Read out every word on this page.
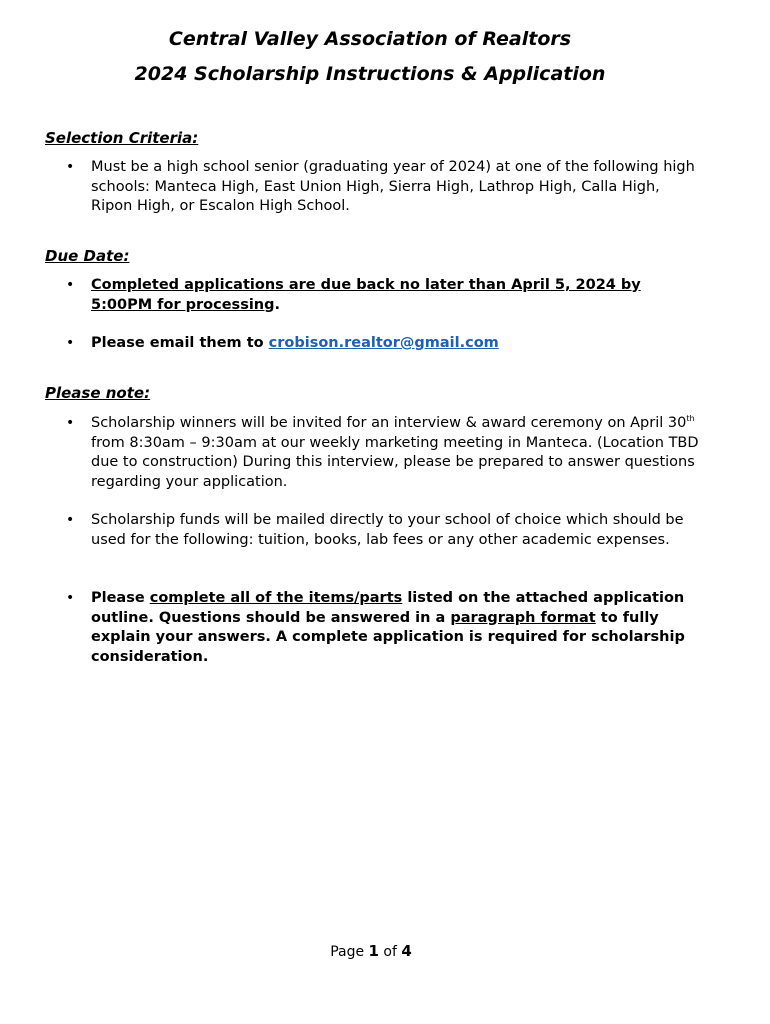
Central Valley Association of Realtors
2024 Scholarship Instructions & Application
Selection Criteria:
• Must be a high school senior (graduating year of 2024) at one of the following high schools: Manteca High, East Union High, Sierra High, Lathrop High, Calla High, Ripon High, or Escalon High School.

Due Date:
• Completed applications are due back no later than April 5, 2024 by 5:00PM for processing.

• Please email them to crobison.realtor@gmail.com

Please note:
• Scholarship winners will be invited for an interview & award ceremony on April 30th from 8:30am – 9:30am at our weekly marketing meeting in Manteca. (Location TBD due to construction) During this interview, please be prepared to answer questions regarding your application.

• Scholarship funds will be mailed directly to your school of choice which should be used for the following: tuition, books, lab fees or any other academic expenses.

• Please complete all of the items/parts listed on the attached application outline. Questions should be answered in a paragraph format to fully explain your answers. A complete application is required for scholarship consideration.

Page 1 of 4
